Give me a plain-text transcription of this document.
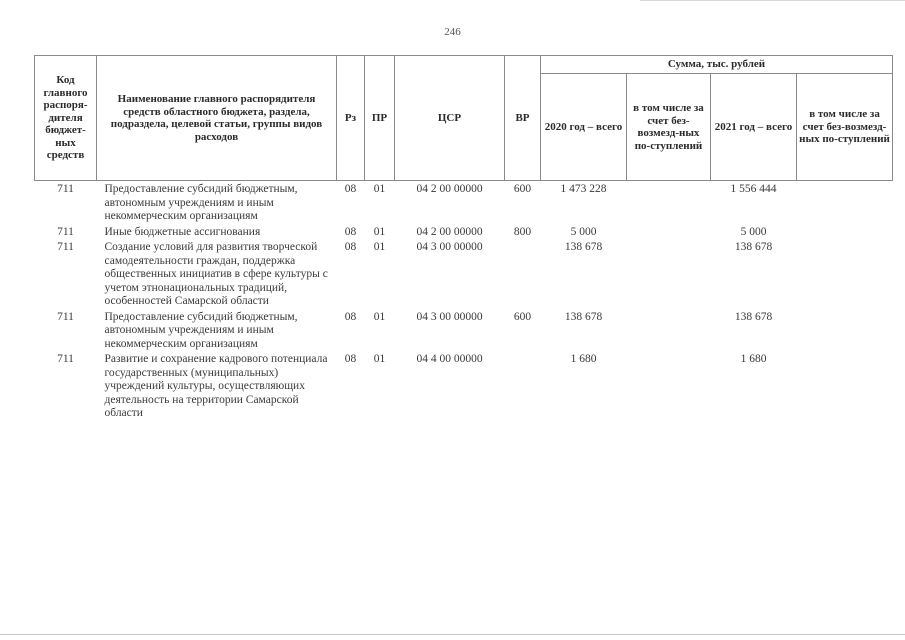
246
Код главного распоря-дителя бюджет-ных средств	Наименование главного распорядителя средств областного бюджета, раздела, подраздела, целевой статьи, группы видов расходов	Рз	ПР	ЦСР	ВР	Сумма, тыс. рублей			
						2020 год – всего	в том числе за счет без-возмезд-ных по-ступлений	2021 год – всего	в том числе за счет без-возмезд-ных по-ступлений
711	Предоставление субсидий бюджетным, автономным учреждениям и иным некоммерческим организациям	08	01	04 2 00 00000	600	1 473 228		1 556 444	
711	Иные бюджетные ассигнования	08	01	04 2 00 00000	800	5 000		5 000	
711	Создание условий для развития творческой самодеятельности граждан, поддержка общественных инициатив в сфере культуры с учетом этнонациональных традиций, особенностей Самарской области	08	01	04 3 00 00000		138 678		138 678	
711	Предоставление субсидий бюджетным, автономным учреждениям и иным некоммерческим организациям	08	01	04 3 00 00000	600	138 678		138 678	
711	Развитие и сохранение кадрового потенциала государственных (муниципальных) учреждений культуры, осуществляющих деятельность на территории Самарской области	08	01	04 4 00 00000		1 680		1 680	
